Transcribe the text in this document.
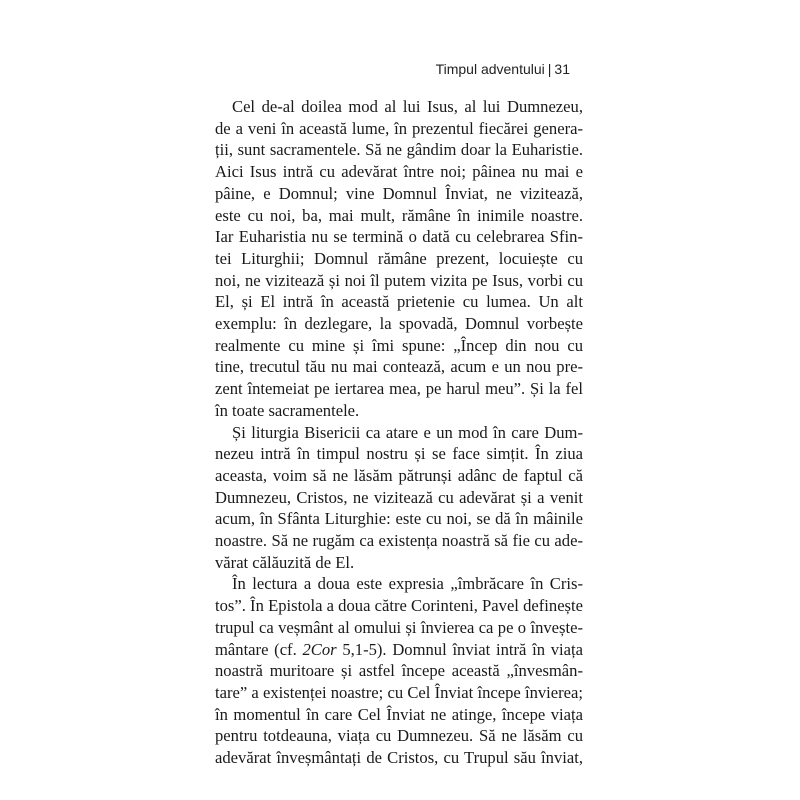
Timpul adventului | 31

Cel de-al doilea mod al lui Isus, al lui Dumnezeu,
de a veni în această lume, în prezentul fiecărei genera-
ții, sunt sacramentele. Să ne gândim doar la Euharistie.
Aici Isus intră cu adevărat între noi; pâinea nu mai e
pâine, e Domnul; vine Domnul Înviat, ne vizitează,
este cu noi, ba, mai mult, rămâne în inimile noastre.
Iar Euharistia nu se termină o dată cu celebrarea Sfin-
tei Liturghii; Domnul rămâne prezent, locuiește cu
noi, ne vizitează și noi îl putem vizita pe Isus, vorbi cu
El, și El intră în această prietenie cu lumea. Un alt
exemplu: în dezlegare, la spovadă, Domnul vorbește
realmente cu mine și îmi spune: „Încep din nou cu
tine, trecutul tău nu mai contează, acum e un nou pre-
zent întemeiat pe iertarea mea, pe harul meu”. Și la fel
în toate sacramentele.

Și liturgia Bisericii ca atare e un mod în care Dum-
nezeu intră în timpul nostru și se face simțit. În ziua
aceasta, voim să ne lăsăm pătrunși adânc de faptul că
Dumnezeu, Cristos, ne vizitează cu adevărat și a venit
acum, în Sfânta Liturghie: este cu noi, se dă în mâinile
noastre. Să ne rugăm ca existența noastră să fie cu ade-
vărat călăuzită de El.

În lectura a doua este expresia „îmbrăcare în Cris-
tos”. În Epistola a doua către Corinteni, Pavel definește
trupul ca veșmânt al omului și învierea ca pe o învește-
mântare (cf. 2Cor 5,1-5). Domnul înviat intră în viața
noastră muritoare și astfel începe această „învesmân-
tare” a existenței noastre; cu Cel Înviat începe învierea;
în momentul în care Cel Înviat ne atinge, începe viața
pentru totdeauna, viața cu Dumnezeu. Să ne lăsăm cu
adevărat înveșmântați de Cristos, cu Trupul său înviat,
